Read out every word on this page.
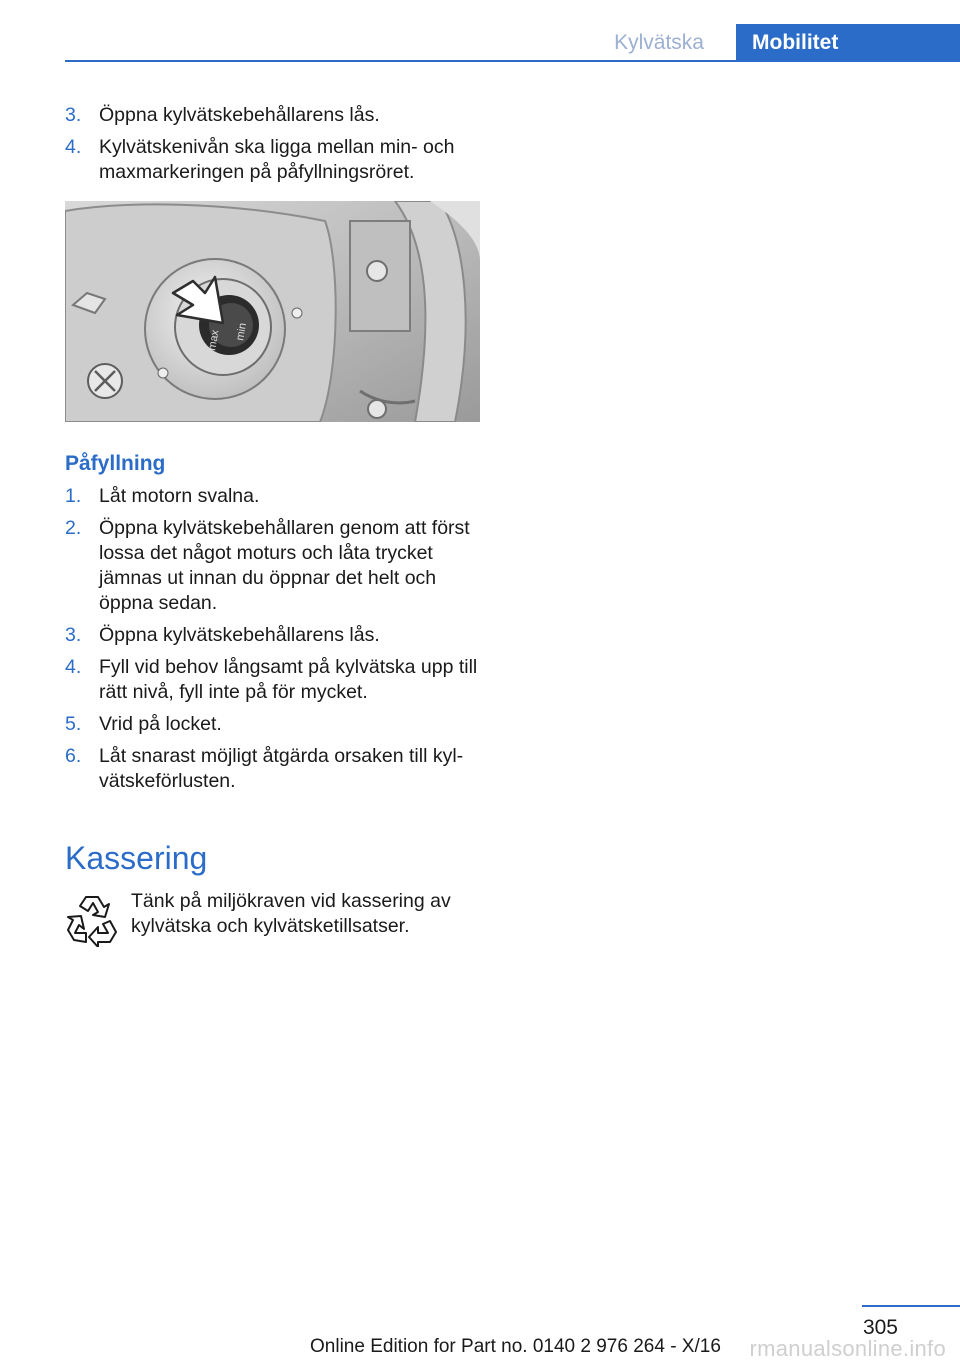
Kylvätska	Mobilitet
3. Öppna kylvätskebehållarens lås.
4. Kylvätskenivån ska ligga mellan min- och maxmarkeringen på påfyllningsröret.
max min
Påfyllning
1. Låt motorn svalna.
2. Öppna kylvätskebehållaren genom att först lossa det något moturs och låta trycket jämnas ut innan du öppnar det helt och öppna sedan.
3. Öppna kylvätskebehållarens lås.
4. Fyll vid behov långsamt på kylvätska upp till rätt nivå, fyll inte på för mycket.
5. Vrid på locket.
6. Låt snarast möjligt åtgärda orsaken till kyl‐ vätskeförlusten.
Kassering
Tänk på miljökraven vid kassering av kylvätska och kylvätsketillsatser.
305
Online Edition for Part no. 0140 2 976 264 - X/16 rmanualsonline.info
